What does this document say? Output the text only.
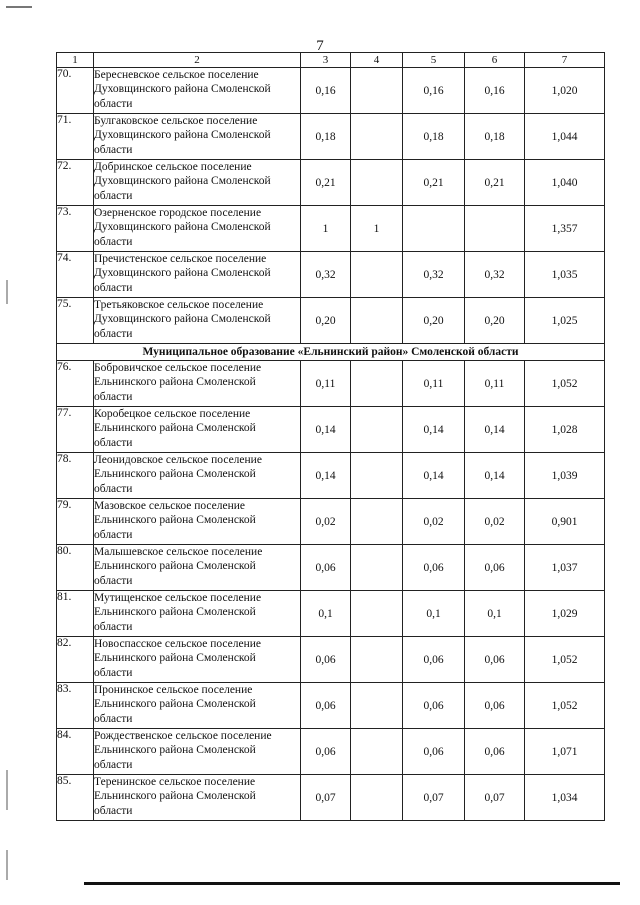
7
1	2	3	4	5	6	7
70.	Бересневское сельское поселение
Духовщинского района Смоленской
области	0,16		0,16	0,16	1,020
71.	Булгаковское сельское поселение
Духовщинского района Смоленской
области	0,18		0,18	0,18	1,044
72.	Добринское сельское поселение
Духовщинского района Смоленской
области	0,21		0,21	0,21	1,040
73.	Озерненское городское поселение
Духовщинского района Смоленской
области	1	1			1,357
74.	Пречистенское сельское поселение
Духовщинского района Смоленской
области	0,32		0,32	0,32	1,035
75.	Третьяковское сельское поселение
Духовщинского района Смоленской
области	0,20		0,20	0,20	1,025
Муниципальное образование «Ельнинский район» Смоленской области						
76.	Бобровичское сельское поселение
Ельнинского района Смоленской
области	0,11		0,11	0,11	1,052
77.	Коробецкое сельское поселение
Ельнинского района Смоленской
области	0,14		0,14	0,14	1,028
78.	Леонидовское сельское поселение
Ельнинского района Смоленской
области	0,14		0,14	0,14	1,039
79.	Мазовское сельское поселение
Ельнинского района Смоленской
области	0,02		0,02	0,02	0,901
80.	Малышевское сельское поселение
Ельнинского района Смоленской
области	0,06		0,06	0,06	1,037
81.	Мутищенское сельское поселение
Ельнинского района Смоленской
области	0,1		0,1	0,1	1,029
82.	Новоспасское сельское поселение
Ельнинского района Смоленской
области	0,06		0,06	0,06	1,052
83.	Пронинское сельское поселение
Ельнинского района Смоленской
области	0,06		0,06	0,06	1,052
84.	Рождественское сельское поселение
Ельнинского района Смоленской
области	0,06		0,06	0,06	1,071
85.	Теренинское сельское поселение
Ельнинского района Смоленской
области	0,07		0,07	0,07	1,034
